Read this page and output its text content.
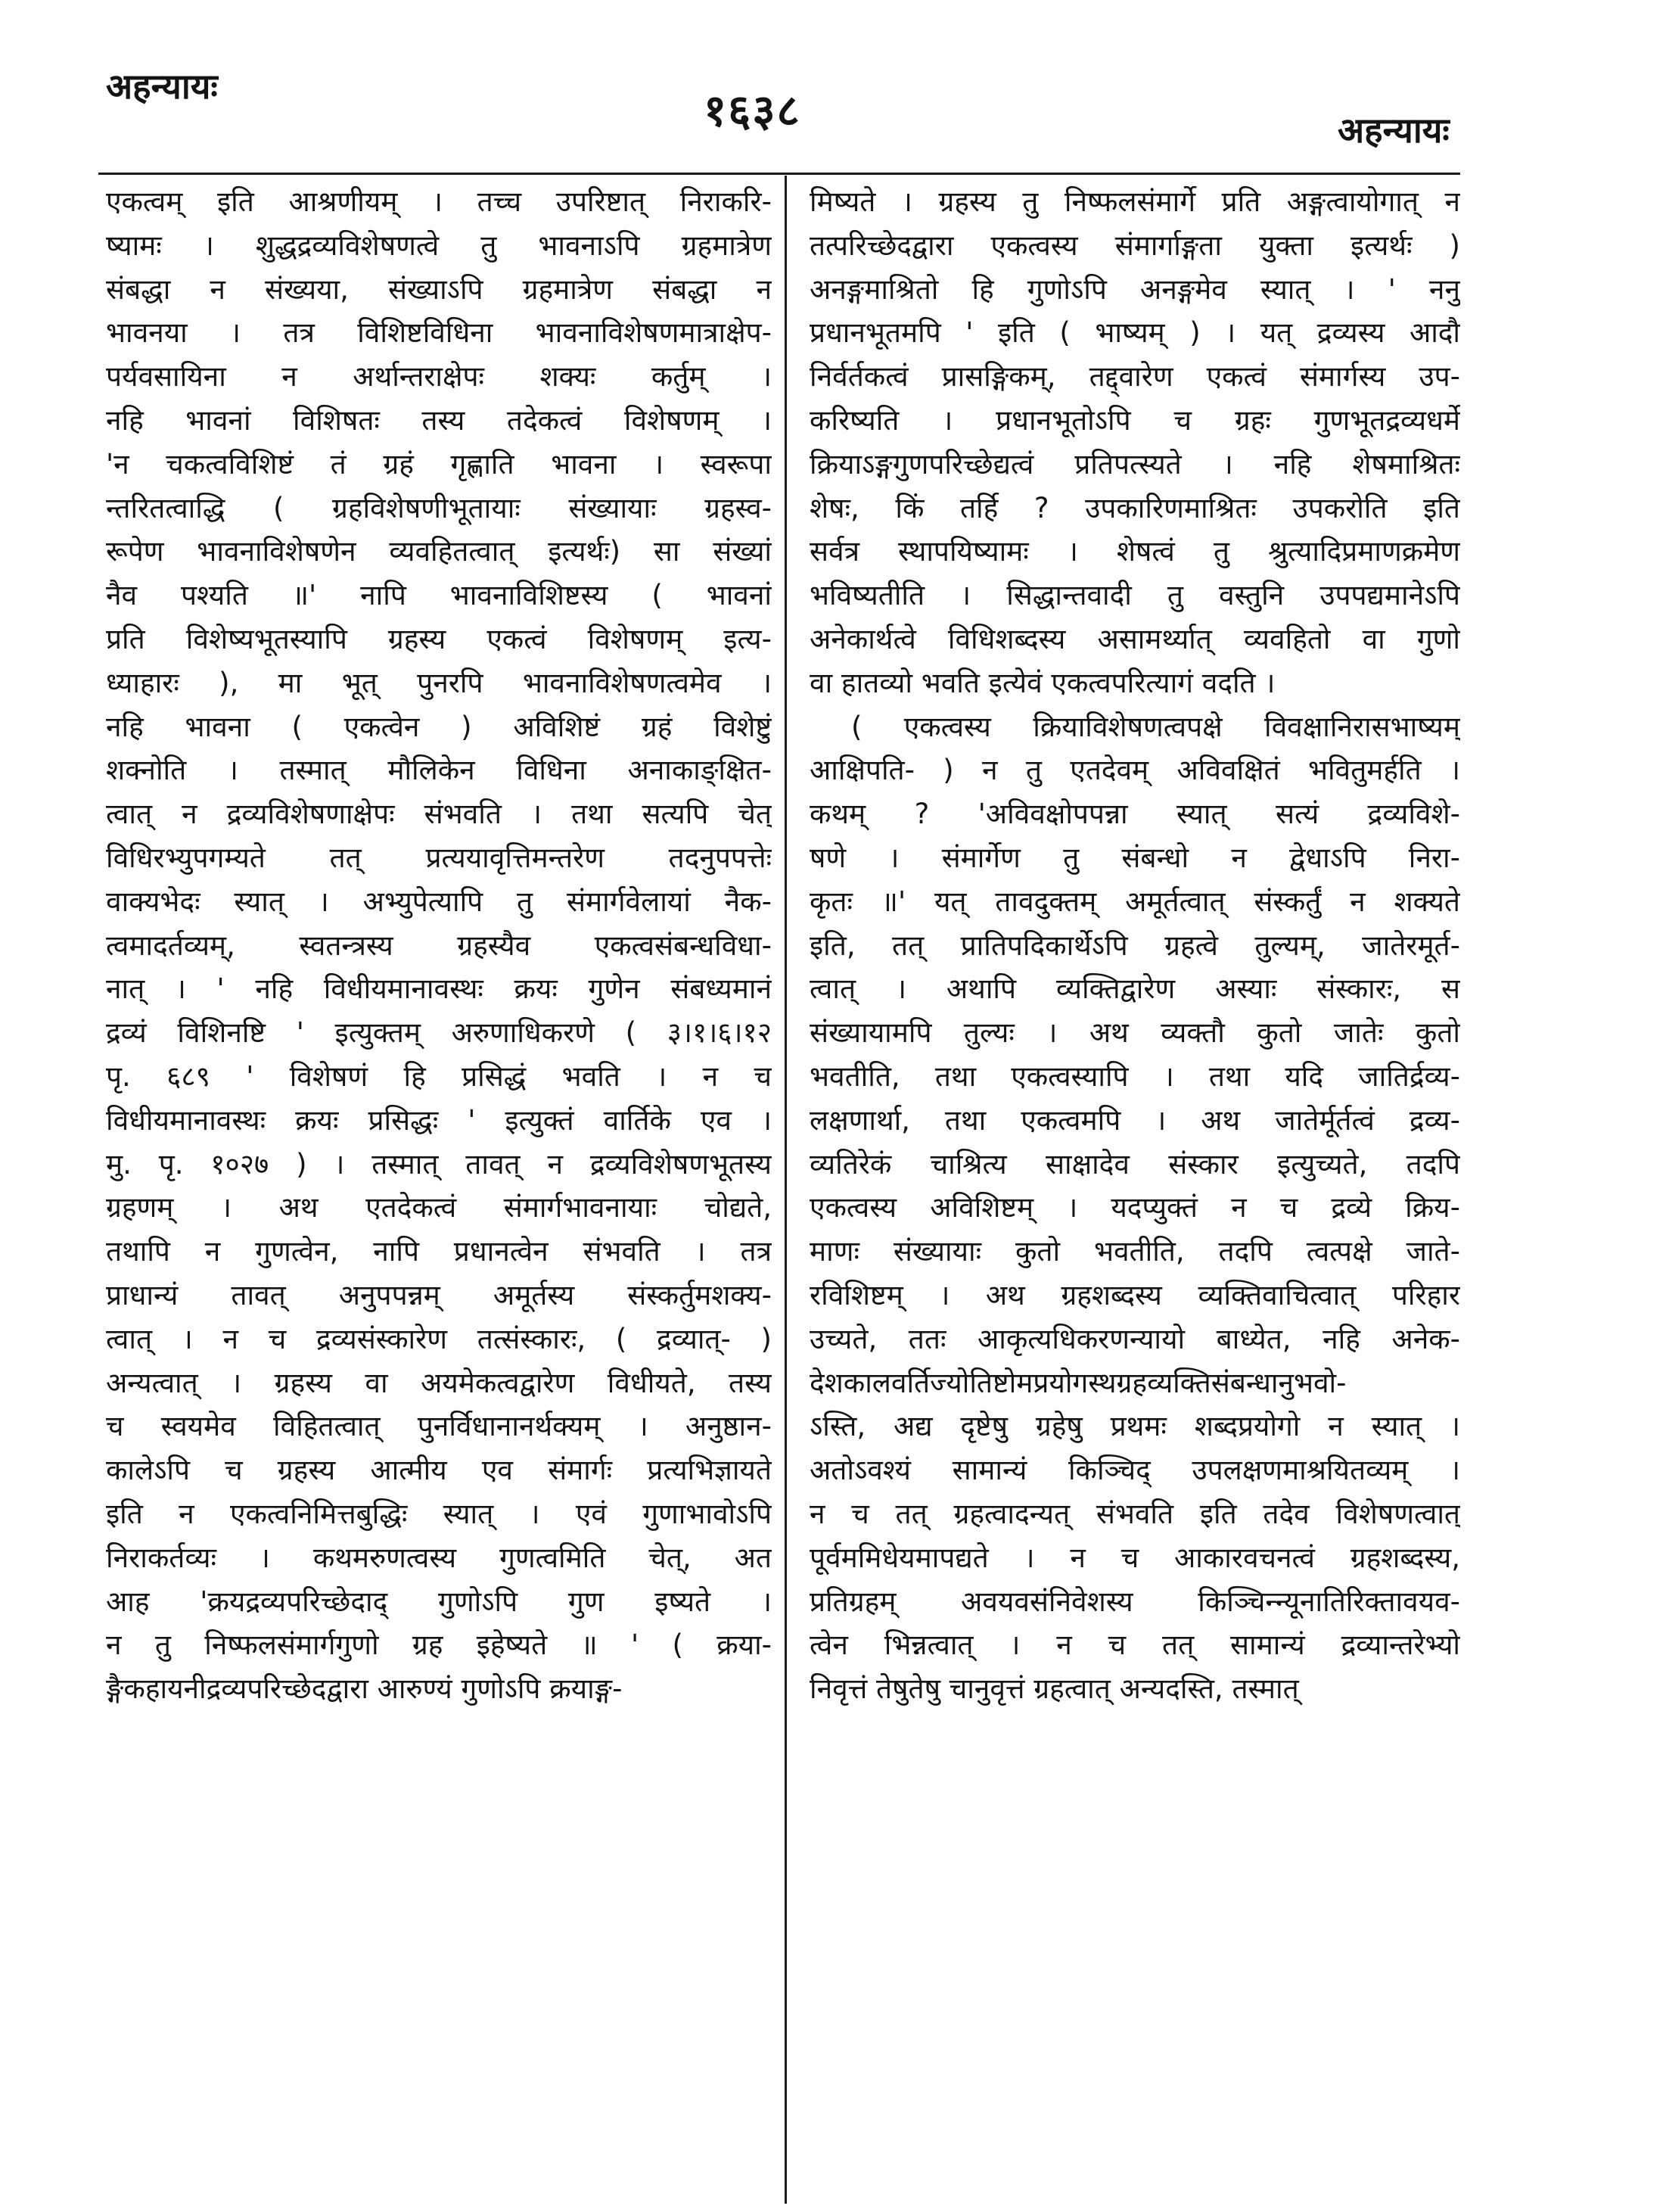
अहन्यायः	१६३८	अहन्यायः
एकत्वम् इति आश्रणीयम् । तच्च उपरिष्टात् निराकरि-
ष्यामः । शुद्धद्रव्यविशेषणत्वे तु भावनाऽपि ग्रहमात्रेण
संबद्धा न संख्यया, संख्याऽपि ग्रहमात्रेण संबद्धा न
भावनया । तत्र विशिष्टविधिना भावनाविशेषणमात्राक्षेप-
पर्यवसायिना न अर्थान्तराक्षेपः शक्यः कर्तुम् ।
नहि भावनां विशिषतः तस्य तदेकत्वं विशेषणम् ।
'न चकत्वविशिष्टं तं ग्रहं गृह्णाति भावना । स्वरूपा
न्तरितत्वाद्धि ( ग्रहविशेषणीभूतायाः संख्यायाः ग्रहस्व-
रूपेण भावनाविशेषणेन व्यवहितत्वात् इत्यर्थः) सा संख्यां
नैव पश्यति ॥' नापि भावनाविशिष्टस्य ( भावनां
प्रति विशेष्यभूतस्यापि ग्रहस्य एकत्वं विशेषणम् इत्य-
ध्याहारः ), मा भूत् पुनरपि भावनाविशेषणत्वमेव ।
नहि भावना ( एकत्वेन ) अविशिष्टं ग्रहं विशेष्टुं
शक्नोति । तस्मात् मौलिकेन विधिना अनाकाङ्क्षित-
त्वात् न द्रव्यविशेषणाक्षेपः संभवति । तथा सत्यपि चेत्
विधिरभ्युपगम्यते तत् प्रत्ययावृत्तिमन्तरेण तदनुपपत्तेः
वाक्यभेदः स्यात् । अभ्युपेत्यापि तु संमार्गवेलायां नैक-
त्वमादर्तव्यम्, स्वतन्त्रस्य ग्रहस्यैव एकत्वसंबन्धविधा-
नात् । ' नहि विधीयमानावस्थः क्रयः गुणेन संबध्यमानं
द्रव्यं विशिनष्टि ' इत्युक्तम् अरुणाधिकरणे ( ३।१।६।१२
पृ. ६८९ ' विशेषणं हि प्रसिद्धं भवति । न च
विधीयमानावस्थः क्रयः प्रसिद्धः ' इत्युक्तं वार्तिके एव ।
मु. पृ. १०२७ ) । तस्मात् तावत् न द्रव्यविशेषणभूतस्य
ग्रहणम् । अथ एतदेकत्वं संमार्गभावनायाः चोद्यते,
तथापि न गुणत्वेन, नापि प्रधानत्वेन संभवति । तत्र
प्राधान्यं तावत् अनुपपन्नम् अमूर्तस्य संस्कर्तुमशक्य-
त्वात् । न च द्रव्यसंस्कारेण तत्संस्कारः, ( द्रव्यात्- )
अन्यत्वात् । ग्रहस्य वा अयमेकत्वद्वारेण विधीयते, तस्य
च स्वयमेव विहितत्वात् पुनर्विधानानर्थक्यम् । अनुष्ठान-
कालेऽपि च ग्रहस्य आत्मीय एव संमार्गः प्रत्यभिज्ञायते
इति न एकत्वनिमित्तबुद्धिः स्यात् । एवं गुणाभावोऽपि
निराकर्तव्यः । कथमरुणत्वस्य गुणत्वमिति चेत्, अत
आह 'क्रयद्रव्यपरिच्छेदाद् गुणोऽपि गुण इष्यते ।
न तु निष्फलसंमार्गगुणो ग्रह इहेष्यते ॥ ' ( क्रया-
ङ्गैकहायनीद्रव्यपरिच्छेदद्वारा आरुण्यं गुणोऽपि क्रयाङ्ग-
मिष्यते । ग्रहस्य तु निष्फलसंमार्गे प्रति अङ्गत्वायोगात् न
तत्परिच्छेदद्वारा एकत्वस्य संमार्गाङ्गता युक्ता इत्यर्थः )
अनङ्गमाश्रितो हि गुणोऽपि अनङ्गमेव स्यात् । ' ननु
प्रधानभूतमपि ' इति ( भाष्यम् ) । यत् द्रव्यस्य आदौ
निर्वर्तकत्वं प्रासङ्गिकम्, तद्द्वारेण एकत्वं संमार्गस्य उप-
करिष्यति । प्रधानभूतोऽपि च ग्रहः गुणभूतद्रव्यधर्मे
क्रियाऽङ्गगुणपरिच्छेद्यत्वं प्रतिपत्स्यते । नहि शेषमाश्रितः
शेषः, किं तर्हि ? उपकारिणमाश्रितः उपकरोति इति
सर्वत्र स्थापयिष्यामः । शेषत्वं तु श्रुत्यादिप्रमाणक्रमेण
भविष्यतीति । सिद्धान्तवादी तु वस्तुनि उपपद्यमानेऽपि
अनेकार्थत्वे विधिशब्दस्य असामर्थ्यात् व्यवहितो वा गुणो
वा हातव्यो भवति इत्येवं एकत्वपरित्यागं वदति ।
( एकत्वस्य क्रियाविशेषणत्वपक्षे विवक्षानिरासभाष्यम्
आक्षिपति- ) न तु एतदेवम् अविवक्षितं भवितुमर्हति ।
कथम् ? 'अविवक्षोपपन्ना स्यात् सत्यं द्रव्यविशे-
षणे । संमार्गेण तु संबन्धो न द्वेधाऽपि निरा-
कृतः ॥' यत् तावदुक्तम् अमूर्तत्वात् संस्कर्तुं न शक्यते
इति, तत् प्रातिपदिकार्थेऽपि ग्रहत्वे तुल्यम्, जातेरमूर्त-
त्वात् । अथापि व्यक्तिद्वारेण अस्याः संस्कारः, स
संख्यायामपि तुल्यः । अथ व्यक्तौ कुतो जातेः कुतो
भवतीति, तथा एकत्वस्यापि । तथा यदि जातिर्द्रव्य-
लक्षणार्था, तथा एकत्वमपि । अथ जातेर्मूर्तत्वं द्रव्य-
व्यतिरेकं चाश्रित्य साक्षादेव संस्कार इत्युच्यते, तदपि
एकत्वस्य अविशिष्टम् । यदप्युक्तं न च द्रव्ये क्रिय-
माणः संख्यायाः कुतो भवतीति, तदपि त्वत्पक्षे जाते-
रविशिष्टम् । अथ ग्रहशब्दस्य व्यक्तिवाचित्वात् परिहार
उच्यते, ततः आकृत्यधिकरणन्यायो बाध्येत, नहि अनेक-
देशकालवर्तिज्योतिष्टोमप्रयोगस्थग्रहव्यक्तिसंबन्धानुभवो-
ऽस्ति, अद्य दृष्टेषु ग्रहेषु प्रथमः शब्दप्रयोगो न स्यात् ।
अतोऽवश्यं सामान्यं किञ्चिद् उपलक्षणमाश्रयितव्यम् ।
न च तत् ग्रहत्वादन्यत् संभवति इति तदेव विशेषणत्वात्
पूर्वममिधेयमापद्यते । न च आकारवचनत्वं ग्रहशब्दस्य,
प्रतिग्रहम् अवयवसंनिवेशस्य किञ्चिन्न्यूनातिरिक्तावयव-
त्वेन भिन्नत्वात् । न च तत् सामान्यं द्रव्यान्तरेभ्यो
निवृत्तं तेषुतेषु चानुवृत्तं ग्रहत्वात् अन्यदस्ति, तस्मात्
